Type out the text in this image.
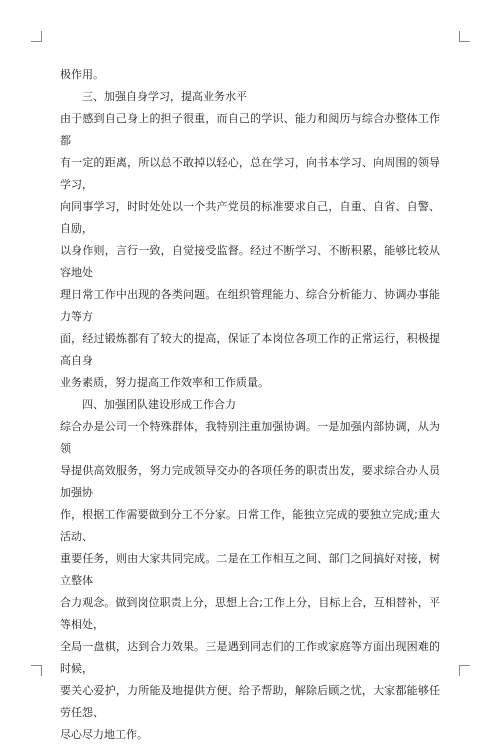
极作用。

三、加强自身学习，提高业务水平

由于感到自己身上的担子很重，而自己的学识、能力和阅历与综合办整体工作都
有一定的距离，所以总不敢掉以轻心，总在学习，向书本学习、向周围的领导学习，
向同事学习，时时处处以一个共产党员的标准要求自己，自重、自省、自警、自励，
以身作则，言行一致，自觉接受监督。经过不断学习、不断积累，能够比较从容地处
理日常工作中出现的各类问题。在组织管理能力、综合分析能力、协调办事能力等方
面，经过锻炼都有了较大的提高，保证了本岗位各项工作的正常运行，积极提高自身
业务素质，努力提高工作效率和工作质量。

四、加强团队建设形成工作合力

综合办是公司一个特殊群体，我特别注重加强协调。一是加强内部协调，从为领
导提供高效服务，努力完成领导交办的各项任务的职责出发，要求综合办人员加强协
作，根据工作需要做到分工不分家。日常工作，能独立完成的要独立完成;重大活动、
重要任务，则由大家共同完成。二是在工作相互之间、部门之间搞好对接，树立整体
合力观念。做到岗位职责上分，思想上合;工作上分，目标上合，互相替补，平等相处，
全局一盘棋，达到合力效果。三是遇到同志们的工作或家庭等方面出现困难的时候，
要关心爱护，力所能及地提供方便、给予帮助，解除后顾之忧，大家都能够任劳任怨、
尽心尽力地工作。
